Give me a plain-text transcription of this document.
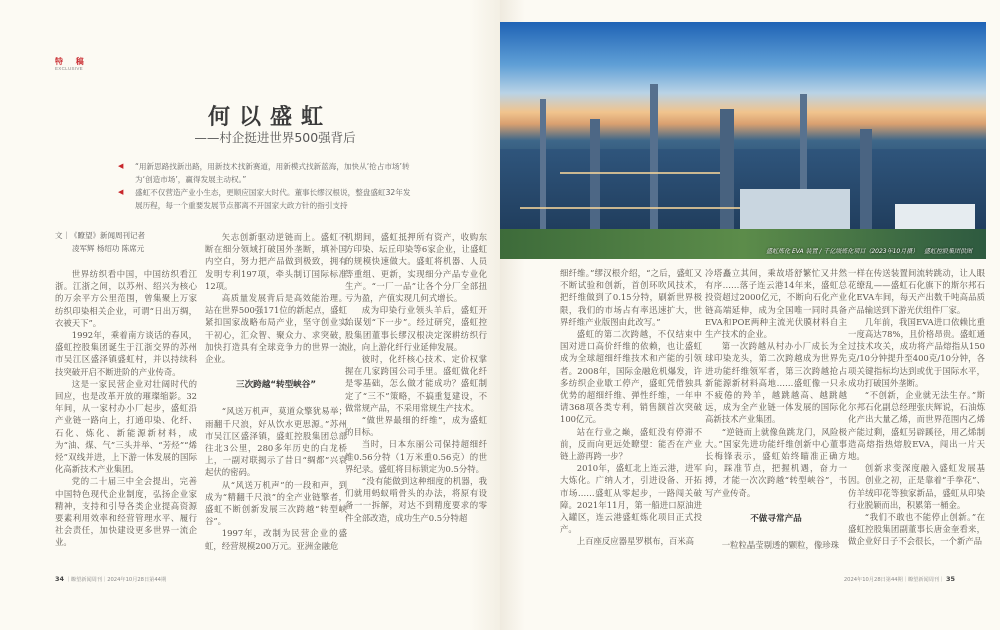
特 稿
EXCLUSIVE
何以盛虹
——村企挺进世界500强背后
◀ “用新思路找新出路，用新技术找新赛道，用新模式找新蓝海，加快从‘抢占市场’转为‘创造市场’，赢得发展主动权。”
◀ 盛虹不仅营造产业小生态，更顺应国家大时代。董事长缪汉根说，整盘盛虹32年发展历程，每一个重要发展节点都离不开国家大政方针的指引支持
文｜《瞭望》新闻周刊记者
凌军辉 杨绍功 陈席元

世界纺织看中国，中国纺织看江浙。江浙之间，以苏州、绍兴为核心的万余平方公里范围，曾集聚上万家纺织印染相关企业，可谓“日出万绸，衣被天下”。

1992年，乘着南方谈话的春风，盛虹控股集团诞生于江浙交界的苏州市吴江区盛泽镇盛虹村，并以持续科技突破开启不断进阶的产业传奇。

这是一家民营企业对壮阔时代的回应，也是改革开放的璀璨缩影。32年间，从一家村办小厂起步，盛虹沿产业链一路向上，打通印染、化纤、石化、炼化、新能源新材料，成为“油、煤、气”三头并举、“芳烃”“烯烃”双线并进，上下游一体发展的国际化高新技术产业集团。

党的二十届三中全会提出，完善中国特色现代企业制度，弘扬企业家精神，支持和引导各类企业提高资源要素利用效率和经营管理水平、履行社会责任，加快建设更多世界一流企业。

矢志创新驱动逆链而上。盛虹不断在细分领域打破国外垄断，填补国内空白，努力把产品做到极致，拥有发明专利197项，牵头制订国际标准12项。

高质量发展背后是高效能治理。站在世界500强171位的新起点，盛虹紧扣国家战略布局产业，坚守创业实干初心，汇众智、聚众力、求突破，加快打造具有全球竞争力的世界一流企业。

三次跨越“转型峡谷”

“风送万机声，莫道众擎犹易举；雨翻千尺浪，好从饮水更思源。”苏州市吴江区盛泽镇，盛虹控股集团总部往北3公里，280多年历史的白龙桥上，一副对联揭示了昔日“绸都”兴衰起伏的密码。

从“风送万机声”的一段和声，到成为“精翻千尺浪”的全产业链擎者，盛虹不断创新发展三次跨越“转型峡谷”。

1997年，改制为民营企业的盛虹，经营规模200万元。亚洲金融危

机期间，盛虹抵押所有资产，收购东方印染、坛丘印染等6家企业，让盛虹的规模快速做大。盛虹将机器、人员等重组、更新，实现细分产品专业化生产。“一厂一品”让各个分厂全部扭亏为盈，产值实现几何式增长。

成为印染行业领头羊后，盛虹开始谋划“下一步”。经过研究，盛虹控股集团董事长缪汉根决定深耕纺织行业，向上游化纤行业延伸发展。

彼时，化纤核心技术、定价权掌握在几家跨国公司手里。盛虹做化纤是零基础，怎么做才能成功？盛虹制定了“三不”策略，不搞重复建设，不做常规产品，不采用常规生产技术。

“做世界最细的纤维”，成为盛虹的目标。

当时，日本东丽公司保持超细纤维0.56分特（1万米重0.56克）的世界纪录。盛虹将目标锁定为0.5分特。

“没有能做到这种细度的机器，我们就用蚂蚁啃骨头的办法，将原有设备一一拆解，对达不到精度要求的零件全部改造，成功生产0.5分特超

盛虹炼化 EVA 装置 / 千亿级炼化项目（2023年10月摄） 盛虹控股集团供图

细纤维。”缪汉根介绍，“之后，盛虹又不断试验和创新，首创环吹风技术，把纤维做到了0.15分特，刷新世界极限，我们的市场占有率迅速扩大，世界纤维产业版图由此改写。”

盛虹的第二次跨越，不仅结束中国对进口高价纤维的依赖，也让盛虹成为全球超细纤维技术和产能的引领者。2008年，国际金融危机爆发，许多纺织企业歇工停产，盛虹凭借独具优势的超细纤维、弹性纤维，一年申请368项各类专利，销售额首次突破100亿元。

站在行业之巅，盛虹没有停滞不前，反而向更远处瞭望：能否在产业链上游再跨一步？

2010年，盛虹北上连云港，进军大炼化。广纳人才，引进设备、开拓市场……盛虹从零起步，一路闯关破障。2021年11月，第一船进口原油进入罐区，连云港盛虹炼化项目正式投产。

上百座反应器星罗棋布，百米高

冷塔矗立其间，乘故塔舒繁忙又井然有序……落子连云港14年来，盛虹总投资超过2000亿元，不断向石化产业链高端延伸，成为全国唯一同时具备EVA和POE两种主流光伏膜材料自主生产技术的企业。

第一次跨越从村办小厂成长为全球印染龙头，第二次跨越成为世界先进功能纤维领军者，第三次跨越抢占新能源新材料高地……盛虹像一只永不疲倦的羚羊，越跳越高、越跳越远，成为全产业链一体发展的国际化高新技术产业集团。

“逆链而上就像鱼跳龙门，风险极大。”国家先进功能纤维创新中心董事长梅锋表示，盛虹始终瞄准正确方向，踩准节点，把握机遇，奋力一搏，才能一次次跨越“转型峡谷”，书写产业传奇。

不做寻常产品

一粒粒晶莹剔透的颗粒，像珍珠

一样在传送装置间流转跳动，让人眼花缭乱——盛虹石化旗下的斯尔邦石化EVA车间，每天产出数千吨高品质产品输送到下游光伏组件厂家。

几年前，我国EVA进口依赖比重一度高达78%，且价格昂贵。盛虹通过技术攻关，成功将产品熔指从150克/10分钟提升至400克/10分钟，各项关键指标均达到或优于国际水平，成功打破国外垄断。

“不创新，企业就无法生存。”斯尔邦石化副总经理张庆辉说，石油炼化产出大量乙烯，而世界范围内乙烯产能过剩，盛虹另辟蹊径，用乙烯制造高熔指热熔胶EVA，闯出一片天地。

创新求变深度融入盛虹发展基因。创业之初，正是靠着“手拳花”、仿羊绒印花等独家新品，盛虹从印染行业脱颖而出，积累第一桶金。

“我们不敢也不能停止创新。”在盛虹控股集团副董事长唐金奎看来，做企业好日子不会很长，一个新产品

34 ｜瞭望新闻周刊｜2024年10月28日第44期	2024年10月28日第44期｜瞭望新闻周刊｜ 35
